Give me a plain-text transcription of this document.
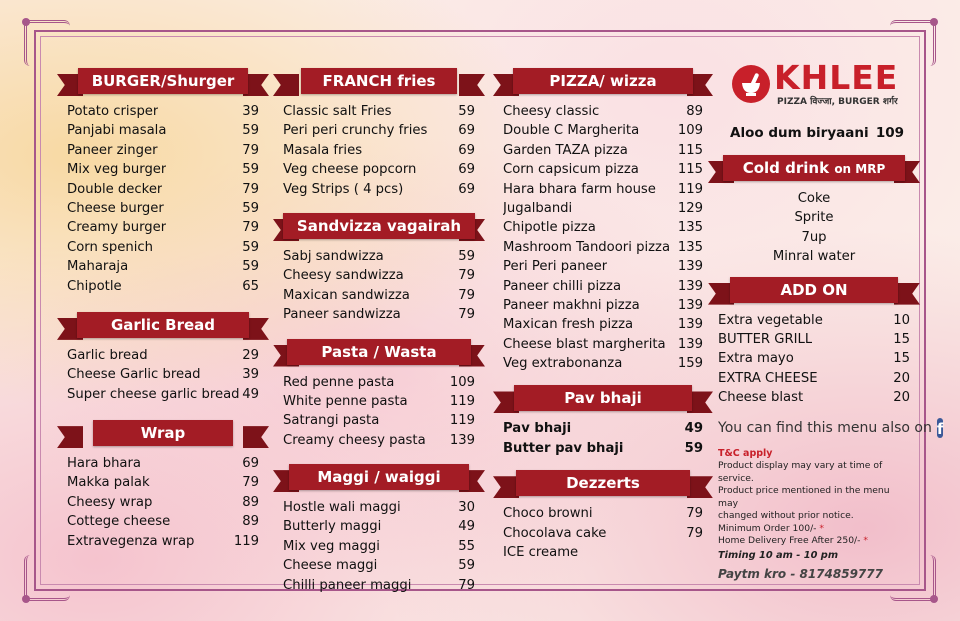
BURGER/Shurger
Potato crisper	39
Panjabi masala	59
Paneer zinger	79
Mix veg burger	59
Double decker	79
Cheese burger	59
Creamy burger	79
Corn spenich	59
Maharaja	59
Chipotle	65
Garlic Bread
Garlic bread	29
Cheese Garlic bread	39
Super cheese garlic bread 49
Wrap
Hara bhara	69
Makka palak	79
Cheesy wrap	89
Cottege cheese	89
Extravegenza wrap	119
FRANCH fries
Classic salt Fries	59
Peri peri crunchy fries 69
Masala fries	69
Veg cheese popcorn	69
Veg Strips ( 4 pcs)	69
Sandvizza vagairah
Sabj sandwizza	59
Cheesy sandwizza	79
Maxican sandwizza	79
Paneer sandwizza	79
Pasta / Wasta
Red penne pasta	109
White penne pasta	119
Satrangi pasta	119
Creamy cheesy pasta 139
Maggi / waiggi
Hostle wali maggi	30
Butterly maggi	49
Mix veg maggi	55
Cheese maggi	59
Chilli paneer maggi	79
PIZZA/ wizza
Cheesy classic	89
Double C Margherita	109
Garden TAZA pizza	115
Corn capsicum pizza	115
Hara bhara farm house 119
Jugalbandi	129
Chipotle pizza	135
Mashroom Tandoori pizza 135
Peri Peri paneer	139
Paneer chilli pizza	139
Paneer makhni pizza	139
Maxican fresh pizza	139
Cheese blast margherita 139
Veg extrabonanza	159
Pav bhaji
Pav bhaji	49
Butter pav bhaji	59
Dezzerts
Choco browni	79
Chocolava cake	79
ICE creame
KHLEE
PIZZA विज्जा, BURGER शर्गर
Aloo dum biryaani 109
Cold drink on MRP
Coke
Sprite
7up
Minral water
ADD ON
Extra vegetable	10
BUTTER GRILL	15
Extra mayo	15
EXTRA CHEESE	20
Cheese blast	20
You can find this menu also on f
T&C apply
Product display may vary at time of service.
Product price mentioned in the menu may
changed without prior notice.
Minimum Order 100/- *
Home Delivery Free After 250/- *
Timing 10 am - 10 pm
Paytm kro - 8174859777
